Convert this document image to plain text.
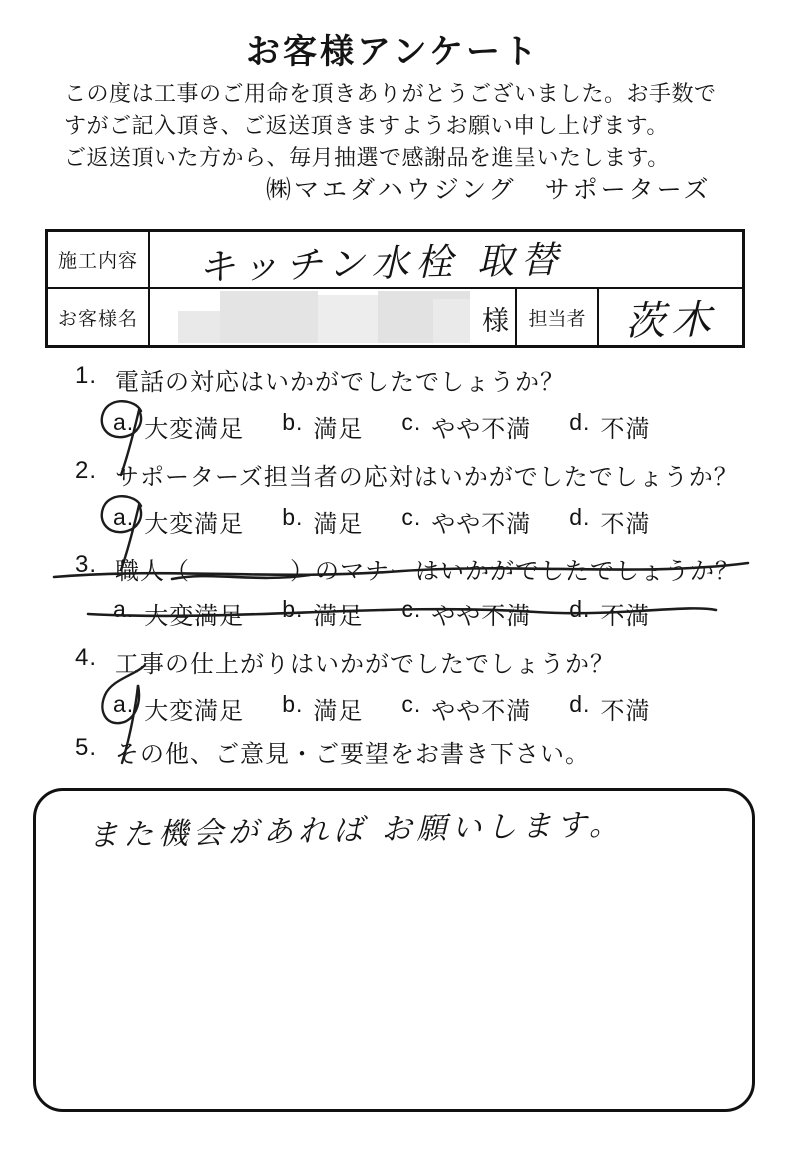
お客様アンケート
この度は工事のご用命を頂きありがとうございました。お手数で
すがご記入頂き、ご返送頂きますようお願い申し上げます。
ご返送頂いた方から、毎月抽選で感謝品を進呈いたします。
㈱マエダハウジング　サポーターズ
施工内容	キッチン水栓 取替
お客様名	様	担当者 茨木
1. 電話の対応はいかがでしたでしょうか？
a. 大変満足 b. 満足 c. やや不満 d. 不満
2. サポーターズ担当者の応対はいかがでしたでしょうか？
a. 大変満足 b. 満足 c. やや不満 d. 不満
3. 職人（　　　　）のマナーはいかがでしたでしょうか？
a. 大変満足 b. 満足 c. やや不満 d. 不満
4. 工事の仕上がりはいかがでしたでしょうか？
a. 大変満足 b. 満足 c. やや不満 d. 不満
5. その他、ご意見・ご要望をお書き下さい。
また機会があれば お願いします。
